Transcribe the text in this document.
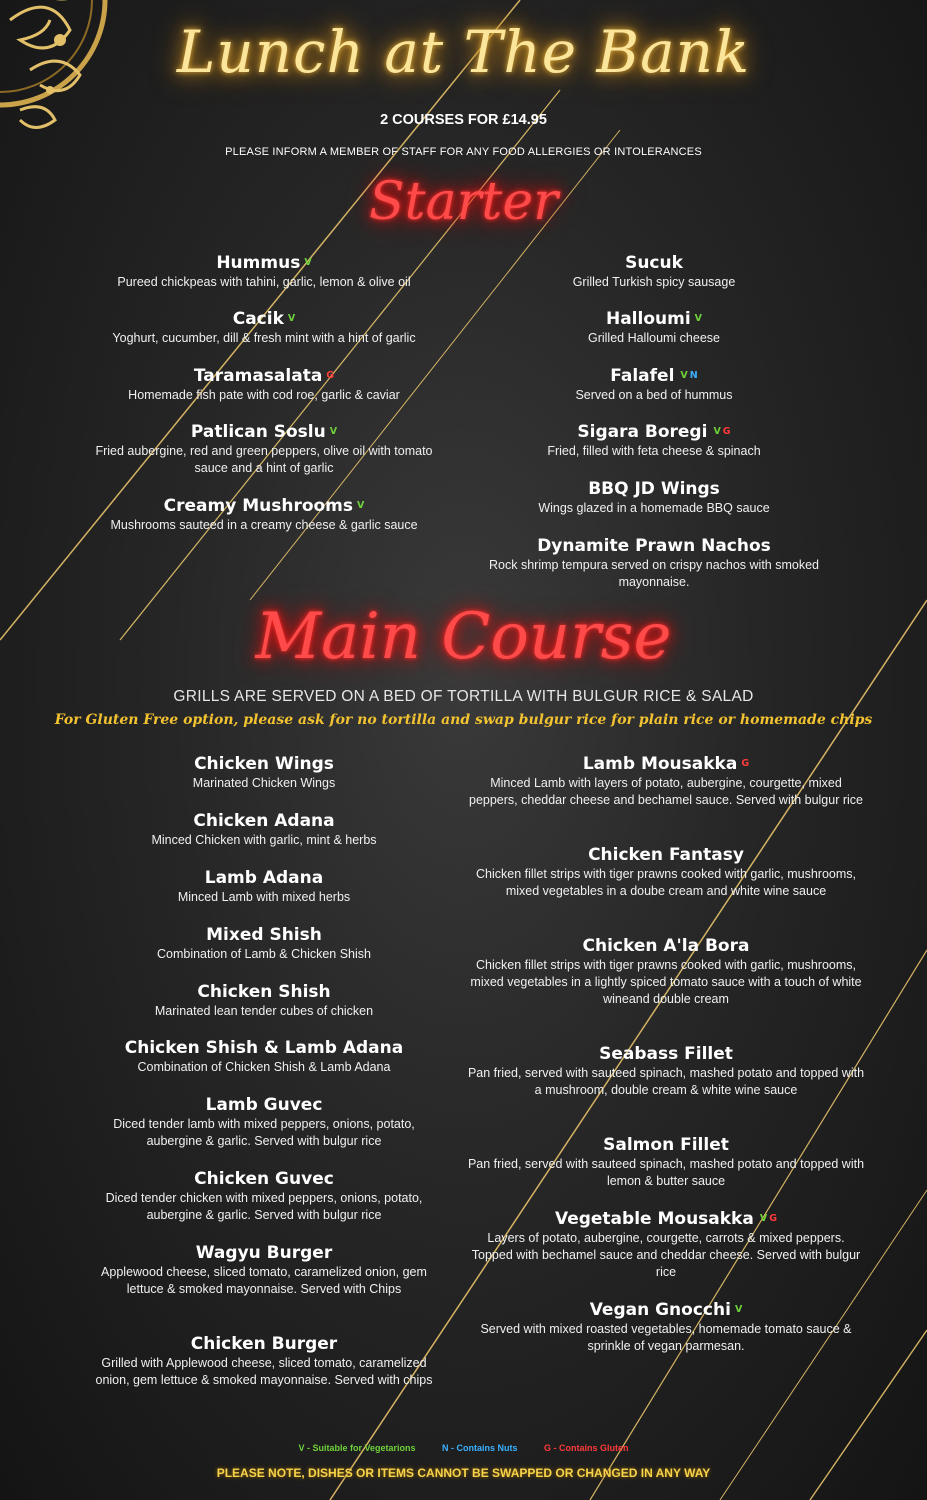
Lunch at The Bank
2 COURSES FOR £14.95
PLEASE INFORM A MEMBER OF STAFF FOR ANY FOOD ALLERGIES OR INTOLERANCES
Starter
Hummus V
Pureed chickpeas with tahini, garlic, lemon & olive oil
Cacik V
Yoghurt, cucumber, dill & fresh mint with a hint of garlic
Taramasalata G
Homemade fish pate with cod roe, garlic & caviar
Patlican Soslu V
Fried aubergine, red and green peppers, olive oil with tomato sauce and a hint of garlic
Creamy Mushrooms V
Mushrooms sauteed in a creamy cheese & garlic sauce
Sucuk
Grilled Turkish spicy sausage
Halloumi V
Grilled Halloumi cheese
Falafel V N
Served on a bed of hummus
Sigara Boregi V G
Fried, filled with feta cheese & spinach
BBQ JD Wings
Wings glazed in a homemade BBQ sauce
Dynamite Prawn Nachos
Rock shrimp tempura served on crispy nachos with smoked mayonnaise.
Main Course
GRILLS ARE SERVED ON A BED OF TORTILLA WITH BULGUR RICE & SALAD
For Gluten Free option, please ask for no tortilla and swap bulgur rice for plain rice or homemade chips
Chicken Wings
Marinated Chicken Wings
Chicken Adana
Minced Chicken with garlic, mint & herbs
Lamb Adana
Minced Lamb with mixed herbs
Mixed Shish
Combination of Lamb & Chicken Shish
Chicken Shish
Marinated lean tender cubes of chicken
Chicken Shish & Lamb Adana
Combination of Chicken Shish & Lamb Adana
Lamb Guvec
Diced tender lamb with mixed peppers, onions, potato, aubergine & garlic. Served with bulgur rice
Chicken Guvec
Diced tender chicken with mixed peppers, onions, potato, aubergine & garlic. Served with bulgur rice
Wagyu Burger
Applewood cheese, sliced tomato, caramelized onion, gem lettuce & smoked mayonnaise. Served with Chips
Chicken Burger
Grilled with Applewood cheese, sliced tomato, caramelized onion, gem lettuce & smoked mayonnaise. Served with chips
Lamb Mousakka G
Minced Lamb with layers of potato, aubergine, courgette, mixed peppers, cheddar cheese and bechamel sauce. Served with bulgur rice
Chicken Fantasy
Chicken fillet strips with tiger prawns cooked with garlic, mushrooms, mixed vegetables in a doube cream and white wine sauce
Chicken A'la Bora
Chicken fillet strips with tiger prawns cooked with garlic, mushrooms, mixed vegetables in a lightly spiced tomato sauce with a touch of white wineand double cream
Seabass Fillet
Pan fried, served with sauteed spinach, mashed potato and topped with a mushroom, double cream & white wine sauce
Salmon Fillet
Pan fried, served with sauteed spinach, mashed potato and topped with lemon & butter sauce
Vegetable Mousakka V G
Layers of potato, aubergine, courgette, carrots & mixed peppers. Topped with bechamel sauce and cheddar cheese. Served with bulgur rice
Vegan Gnocchi V
Served with mixed roasted vegetables, homemade tomato sauce & sprinkle of vegan parmesan.
V - Suitable for Vegetarions	N - Contains Nuts	G - Contains Gluten
PLEASE NOTE, DISHES OR ITEMS CANNOT BE SWAPPED OR CHANGED IN ANY WAY
